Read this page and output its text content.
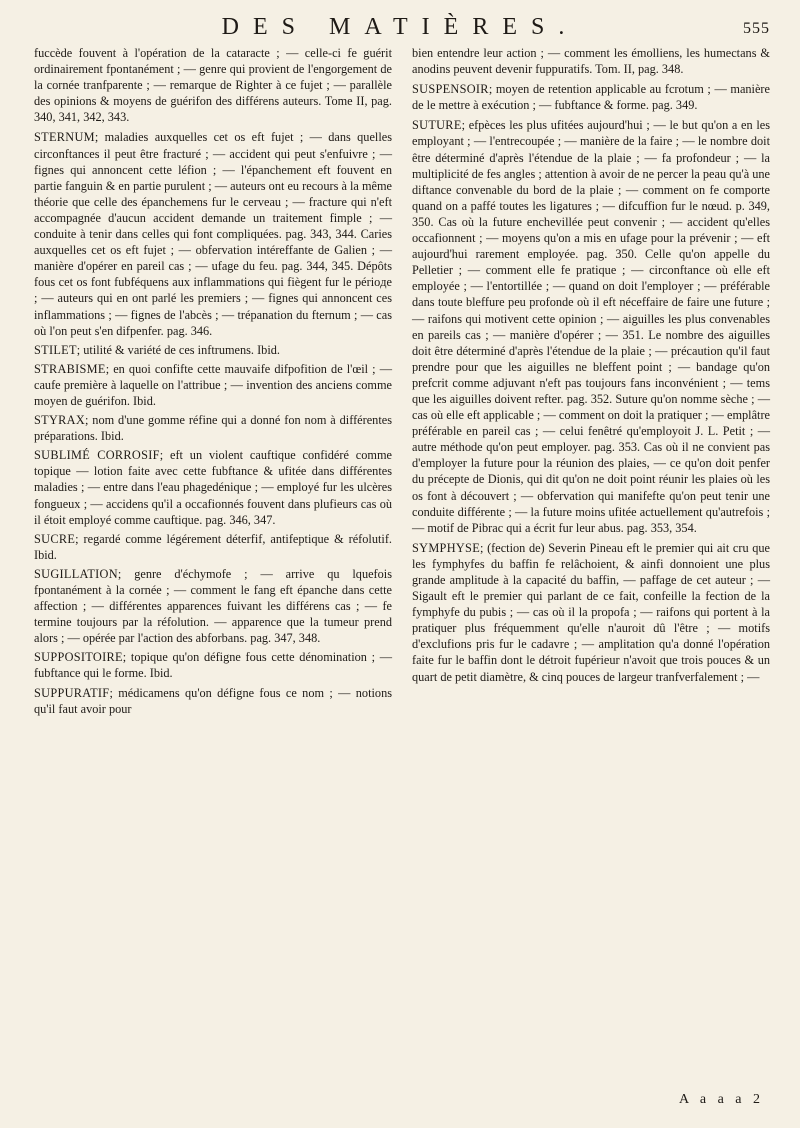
DES MATIÈRES.	555

fuccède fouvent à l'opération de la cataracte ; — celle-ci fe guérit ordinairement fpontanément ; — genre qui provient de l'engorgement de la cornée tranfparente ; — remarque de Righter à ce fujet ; — parallèle des opinions & moyens de guérifon des différens auteurs. Tome II, pag. 340, 341, 342, 343.

STERNUM; maladies auxquelles cet os eft fujet ; — dans quelles circonftances il peut être fracturé ; — accident qui peut s'enfuivre ; — fignes qui annoncent cette léfion ; — l'épanchement eft fouvent en partie fanguin & en partie purulent ; — auteurs ont eu recours à la même théorie que celle des épanchemens fur le cerveau ; — fracture qui n'eft accompagnée d'aucun accident demande un traitement fimple ; — conduite à tenir dans celles qui font compliquées. pag. 343, 344. Caries auxquelles cet os eft fujet ; — obfervation intéreffante de Galien ; — manière d'opérer en pareil cas ; — ufage du feu. pag. 344, 345. Dépôts fous cet os font fubféquens aux inflammations qui fiègent fur le périoде ; — auteurs qui en ont parlé les premiers ; — fignes qui annoncent ces inflammations ; — fignes de l'abcès ; — trépanation du fternum ; — cas où l'on peut s'en difpenfer. pag. 346.

STILET; utilité & variété de ces inftrumens. Ibid.

STRABISME; en quoi confifte cette mauvaife difpofition de l'œil ; — caufe première à laquelle on l'attribue ; — invention des anciens comme moyen de guérifon. Ibid.

STYRAX; nom d'une gomme réfine qui a donné fon nom à différentes préparations. Ibid.

SUBLIMÉ CORROSIF; eft un violent cauftique confidéré comme topique — lotion faite avec cette fubftance & ufitée dans différentes maladies ; — entre dans l'eau phagedénique ; — employé fur les ulcères fongueux ; — accidens qu'il a occafionnés fouvent dans plufieurs cas où il étoit employé comme cauftique. pag. 346, 347.

SUCRE; regardé comme légérement déterfif, antifeptique & réfolutif. Ibid.

SUGILLATION; genre d'échymofe ; — arrive qu lquefois fpontanément à la cornée ; — comment le fang eft épanche dans cette affection ; — différentes apparences fuivant les différens cas ; — fe termine toujours par la réfolution. — apparence que la tumeur prend alors ; — opérée par l'action des abforbans. pag. 347, 348.

SUPPOSITOIRE; topique qu'on défigne fous cette dénomination ; — fubftance qui le forme. Ibid.

SUPPURATIF; médicamens qu'on défigne fous ce nom ; — notions qu'il faut avoir pour

bien entendre leur action ; — comment les émolliens, les humectans & anodins peuvent devenir fuppuratifs. Tom. II, pag. 348.

SUSPENSOIR; moyen de retention applicable au fcrotum ; — manière de le mettre à exécution ; — fubftance & forme. pag. 349.

SUTURE; efpèces les plus ufitées aujourd'hui ; — le but qu'on a en les employant ; — l'entrecoupée ; — manière de la faire ; — le nombre doit être déterminé d'après l'étendue de la plaie ; — fa profondeur ; — la multiplicité de fes angles ; attention à avoir de ne percer la peau qu'à une diftance convenable du bord de la plaie ; — comment on fe comporte quand on a paffé toutes les ligatures ; — difcuffion fur le nœud. p. 349, 350. Cas où la future enchevillée peut convenir ; — accident qu'elles occafionnent ; — moyens qu'on a mis en ufage pour la prévenir ; — eft aujourd'hui rarement employée. pag. 350. Celle qu'on appelle du Pelletier ; — comment elle fe pratique ; — circonftance où elle eft employée ; — l'entortillée ; — quand on doit l'employer ; — préférable dans toute bleffure peu profonde où il eft néceffaire de faire une future ; — raifons qui motivent cette opinion ; — aiguilles les plus convenables en pareils cas ; — manière d'opérer ; — 351. Le nombre des aiguilles doit être déterminé d'après l'étendue de la plaie ; — précaution qu'il faut prendre pour que les aiguilles ne bleffent point ; — bandage qu'on prefcrit comme adjuvant n'eft pas toujours fans inconvénient ; — tems que les aiguilles doivent refter. pag. 352. Suture qu'on nomme sèche ; — cas où elle eft applicable ; — comment on doit la pratiquer ; — emplâtre préférable en pareil cas ; — celui fenêtré qu'employoit J. L. Petit ; — autre méthode qu'on peut employer. pag. 353. Cas où il ne convient pas d'employer la future pour la réunion des plaies, — ce qu'on doit penfer du précepte de Dionis, qui dit qu'on ne doit point réunir les plaies où les os font à découvert ; — obfervation qui manifefte qu'on peut tenir une conduite différente ; — la future moins ufitée actuellement qu'autrefois ; — motif de Pibrac qui a écrit fur leur abus. pag. 353, 354.

SYMPHYSE; (fection de) Severin Pineau eft le premier qui ait cru que les fymphyfes du baffin fe relâchoient, & ainfi donnoient une plus grande amplitude à la capacité du baffin, — paffage de cet auteur ; — Sigault eft le premier qui parlant de ce fait, confeille la fection de la fymphyfe du pubis ; — cas où il la propofa ; — raifons qui portent à la pratiquer plus fréquemment qu'elle n'auroit dû l'être ; — motifs d'exclufions pris fur le cadavre ; — amplitation qu'a donné l'opération faite fur le baffin dont le détroit fupérieur n'avoit que trois pouces & un quart de petit diamètre, & cinq pouces de largeur tranfverfalement ; —

A a a a 2
